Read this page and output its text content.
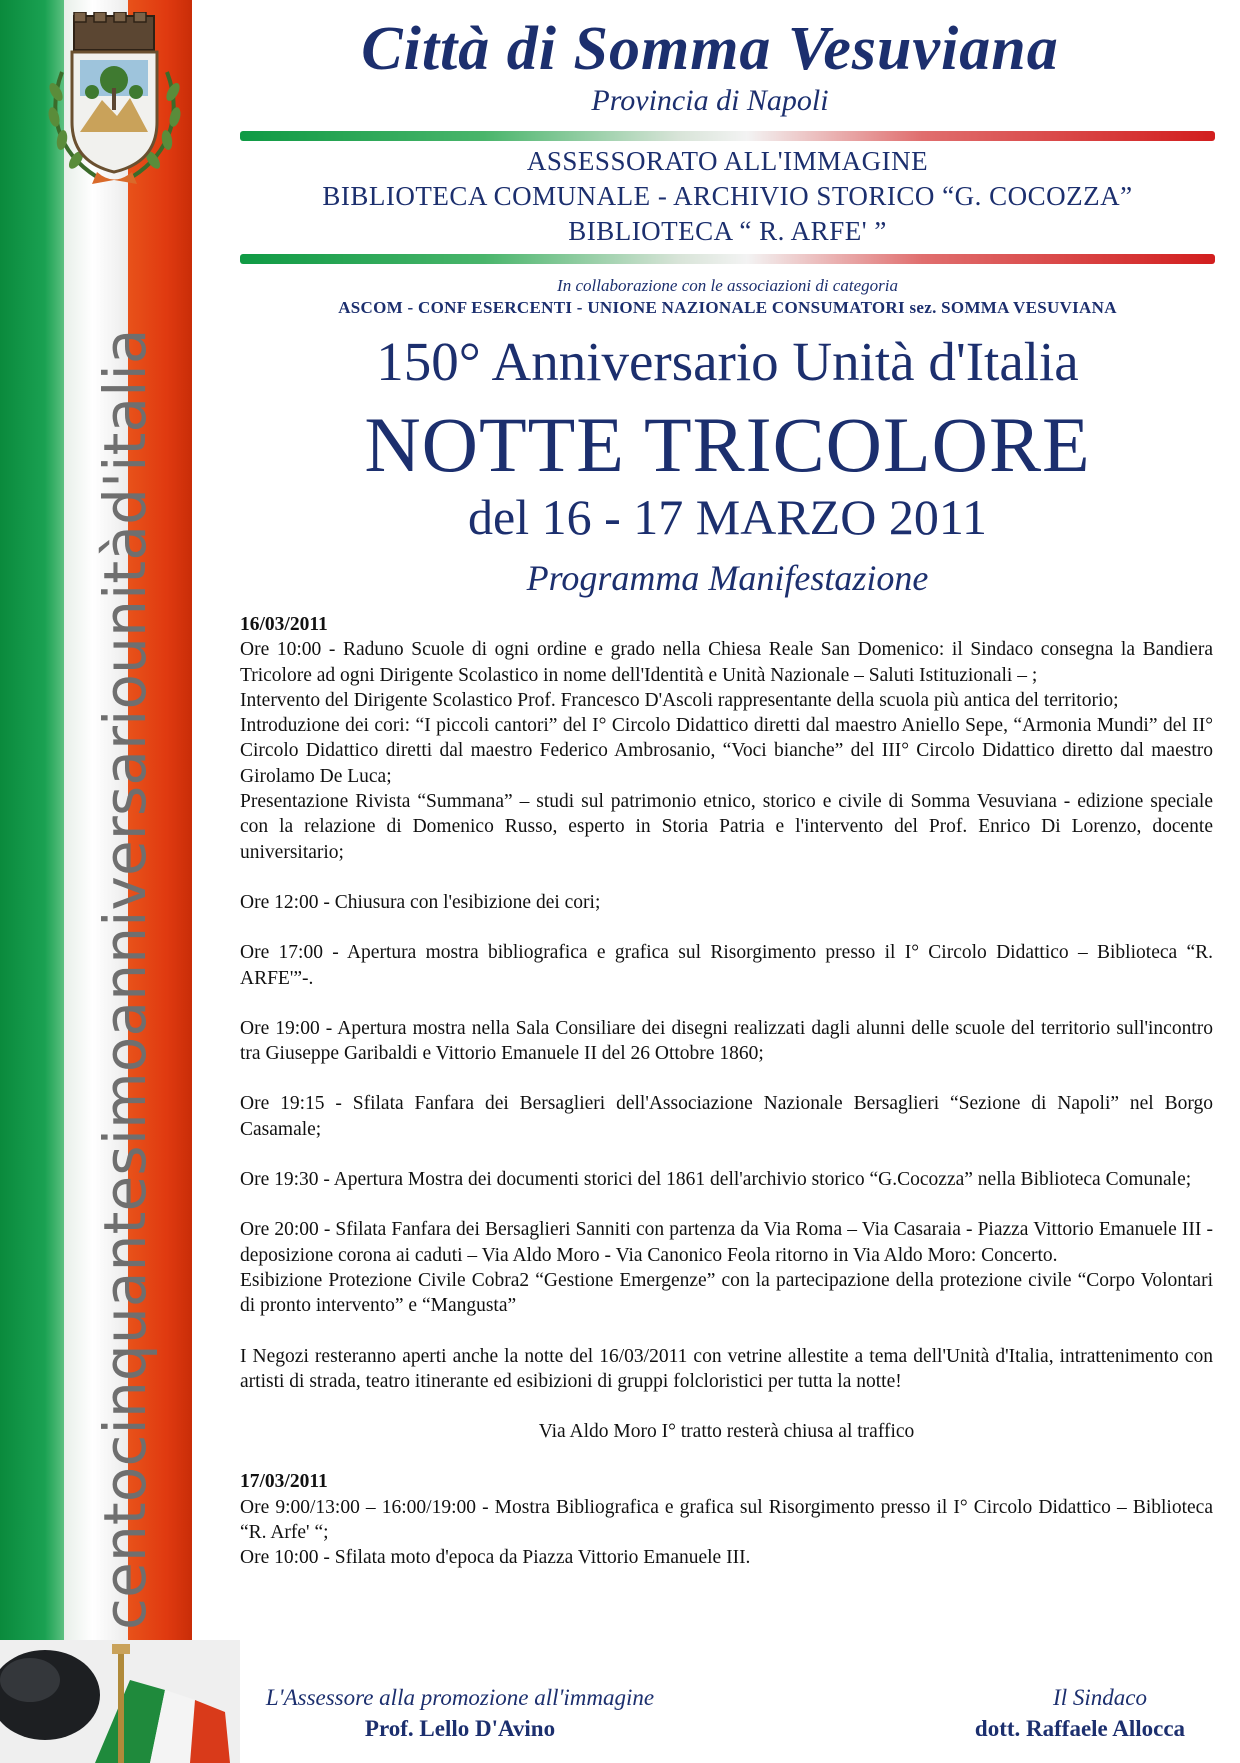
centocinquantesimoanniversariounitàd'italia
Città di Somma Vesuviana
Provincia di Napoli
ASSESSORATO ALL'IMMAGINE
BIBLIOTECA COMUNALE - ARCHIVIO STORICO “G. COCOZZA”
BIBLIOTECA “ R. ARFE' ”
In collaborazione con le associazioni di categoria
ASCOM - CONF ESERCENTI - UNIONE NAZIONALE CONSUMATORI sez. SOMMA VESUVIANA
150° Anniversario Unità d'Italia
NOTTE TRICOLORE
del 16 - 17 MARZO 2011
Programma Manifestazione

16/03/2011

Ore 10:00 - Raduno Scuole di ogni ordine e grado nella Chiesa Reale San Domenico: il Sindaco consegna la Bandiera Tricolore ad ogni Dirigente Scolastico in nome dell'Identità e Unità Nazionale – Saluti Istituzionali – ;

Intervento del Dirigente Scolastico Prof. Francesco D'Ascoli rappresentante della scuola più antica del territorio;

Introduzione dei cori: “I piccoli cantori” del I° Circolo Didattico diretti dal maestro Aniello Sepe, “Armonia Mundi” del II° Circolo Didattico diretti dal maestro Federico Ambrosanio, “Voci bianche” del III° Circolo Didattico diretto dal maestro Girolamo De Luca;

Presentazione Rivista “Summana” – studi sul patrimonio etnico, storico e civile di Somma Vesuviana - edizione speciale con la relazione di Domenico Russo, esperto in Storia Patria e l'intervento del Prof. Enrico Di Lorenzo, docente universitario;

Ore 12:00 - Chiusura con l'esibizione dei cori;

Ore 17:00 - Apertura mostra bibliografica e grafica sul Risorgimento presso il I° Circolo Didattico – Biblioteca “R. ARFE'”-.

Ore 19:00 - Apertura mostra nella Sala Consiliare dei disegni realizzati dagli alunni delle scuole del territorio sull'incontro tra Giuseppe Garibaldi e Vittorio Emanuele II del 26 Ottobre 1860;

Ore 19:15 - Sfilata Fanfara dei Bersaglieri dell'Associazione Nazionale Bersaglieri “Sezione di Napoli” nel Borgo Casamale;

Ore 19:30 - Apertura Mostra dei documenti storici del 1861 dell'archivio storico “G.Cocozza” nella Biblioteca Comunale;

Ore 20:00 - Sfilata Fanfara dei Bersaglieri Sanniti con partenza da Via Roma – Via Casaraia - Piazza Vittorio Emanuele III -deposizione corona ai caduti – Via Aldo Moro - Via Canonico Feola ritorno in Via Aldo Moro: Concerto.

Esibizione Protezione Civile Cobra2 “Gestione Emergenze” con la partecipazione della protezione civile “Corpo Volontari di pronto intervento” e “Mangusta”

I Negozi resteranno aperti anche la notte del 16/03/2011 con vetrine allestite a tema dell'Unità d'Italia, intrattenimento con artisti di strada, teatro itinerante ed esibizioni di gruppi folcloristici per tutta la notte!

Via Aldo Moro I° tratto resterà chiusa al traffico

17/03/2011

Ore 9:00/13:00 – 16:00/19:00 - Mostra Bibliografica e grafica sul Risorgimento presso il I° Circolo Didattico – Biblioteca “R. Arfe' “;

Ore 10:00 - Sfilata moto d'epoca da Piazza Vittorio Emanuele III.

L'Assessore alla promozione all'immagine
Prof. Lello D'Avino
Il Sindaco
dott. Raffaele Allocca
